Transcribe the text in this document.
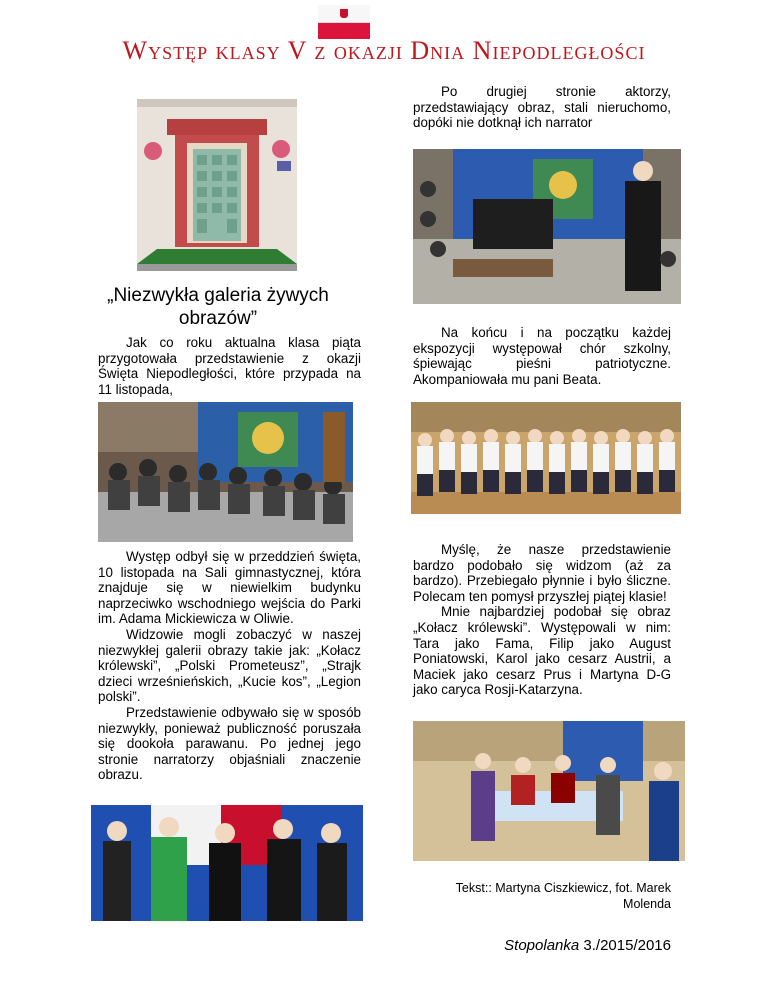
Występ klasy V z okazji Dnia Niepodległości
„Niezwykła galeria żywych obrazów”

Jak co roku aktualna klasa piąta przygotowała przedstawienie z okazji Święta Niepodległości, które przypada na 11 listopada,

Występ odbył się w przeddzień święta, 10 listopada na Sali gimnastycznej, która znajduje się w niewielkim budynku naprzeciwko wschodniego wejścia do Parki im. Adama Mickiewicza w Oliwie.

Widzowie mogli zobaczyć w naszej niezwykłej galerii obrazy takie jak: „Kołacz królewski”, „Polski Prometeusz”, „Strajk dzieci wrześnieńskich, „Kucie kos”, „Legion polski”.

Przedstawienie odbywało się w sposób niezwykły, ponieważ publiczność poruszała się dookoła parawanu. Po jednej jego stronie narratorzy objaśniali znaczenie obrazu.

Po drugiej stronie aktorzy, przedstawiający obraz, stali nieruchomo, dopóki nie dotknął ich narrator

Na końcu i na początku każdej ekspozycji występował chór szkolny, śpiewając pieśni patriotyczne. Akompaniowała mu pani Beata.

Myślę, że nasze przedstawienie bardzo podobało się widzom (aż za bardzo). Przebiegało płynnie i było śliczne. Polecam ten pomysł przyszłej piątej klasie!

Mnie najbardziej podobał się obraz „Kołacz królewski”. Występowali w nim: Tara jako Fama, Filip jako August Poniatowski, Karol jako cesarz Austrii, a Maciek jako cesarz Prus i Martyna D-G jako caryca Rosji-Katarzyna.

Tekst:: Martyna Ciszkiewicz, fot. Marek
Molenda
Stopolanka 3./2015/2016
